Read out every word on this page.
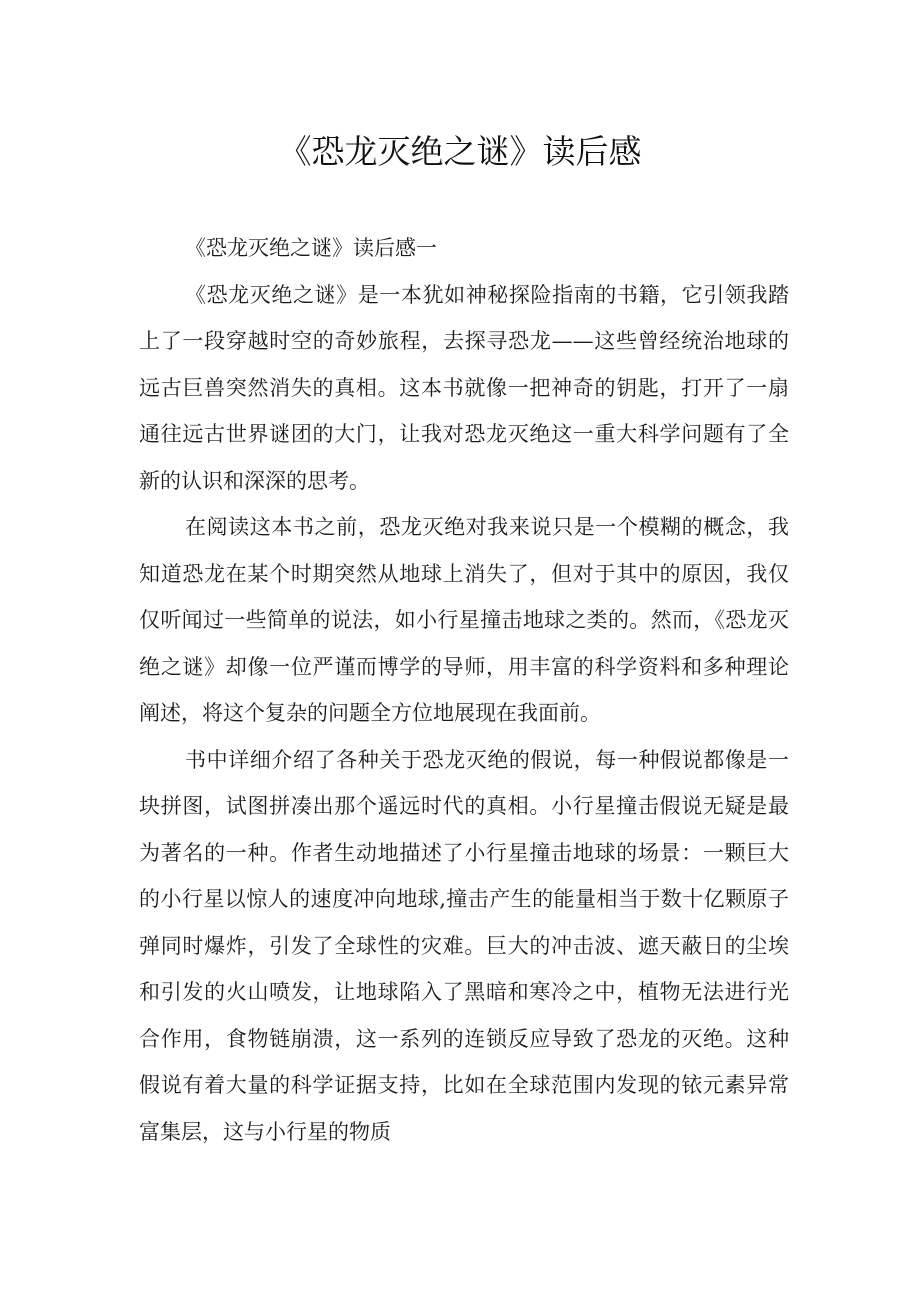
《恐龙灭绝之谜》读后感

《恐龙灭绝之谜》读后感一

《恐龙灭绝之谜》是一本犹如神秘探险指南的书籍，它引领我踏上了一段穿越时空的奇妙旅程，去探寻恐龙——这些曾经统治地球的远古巨兽突然消失的真相。这本书就像一把神奇的钥匙，打开了一扇通往远古世界谜团的大门，让我对恐龙灭绝这一重大科学问题有了全新的认识和深深的思考。

在阅读这本书之前，恐龙灭绝对我来说只是一个模糊的概念，我知道恐龙在某个时期突然从地球上消失了，但对于其中的原因，我仅仅听闻过一些简单的说法，如小行星撞击地球之类的。然而，《恐龙灭绝之谜》却像一位严谨而博学的导师，用丰富的科学资料和多种理论阐述，将这个复杂的问题全方位地展现在我面前。

书中详细介绍了各种关于恐龙灭绝的假说，每一种假说都像是一块拼图，试图拼凑出那个遥远时代的真相。小行星撞击假说无疑是最为著名的一种。作者生动地描述了小行星撞击地球的场景：一颗巨大的小行星以惊人的速度冲向地球,撞击产生的能量相当于数十亿颗原子弹同时爆炸，引发了全球性的灾难。巨大的冲击波、遮天蔽日的尘埃和引发的火山喷发，让地球陷入了黑暗和寒冷之中，植物无法进行光合作用，食物链崩溃，这一系列的连锁反应导致了恐龙的灭绝。这种假说有着大量的科学证据支持，比如在全球范围内发现的铱元素异常富集层，这与小行星的物质
